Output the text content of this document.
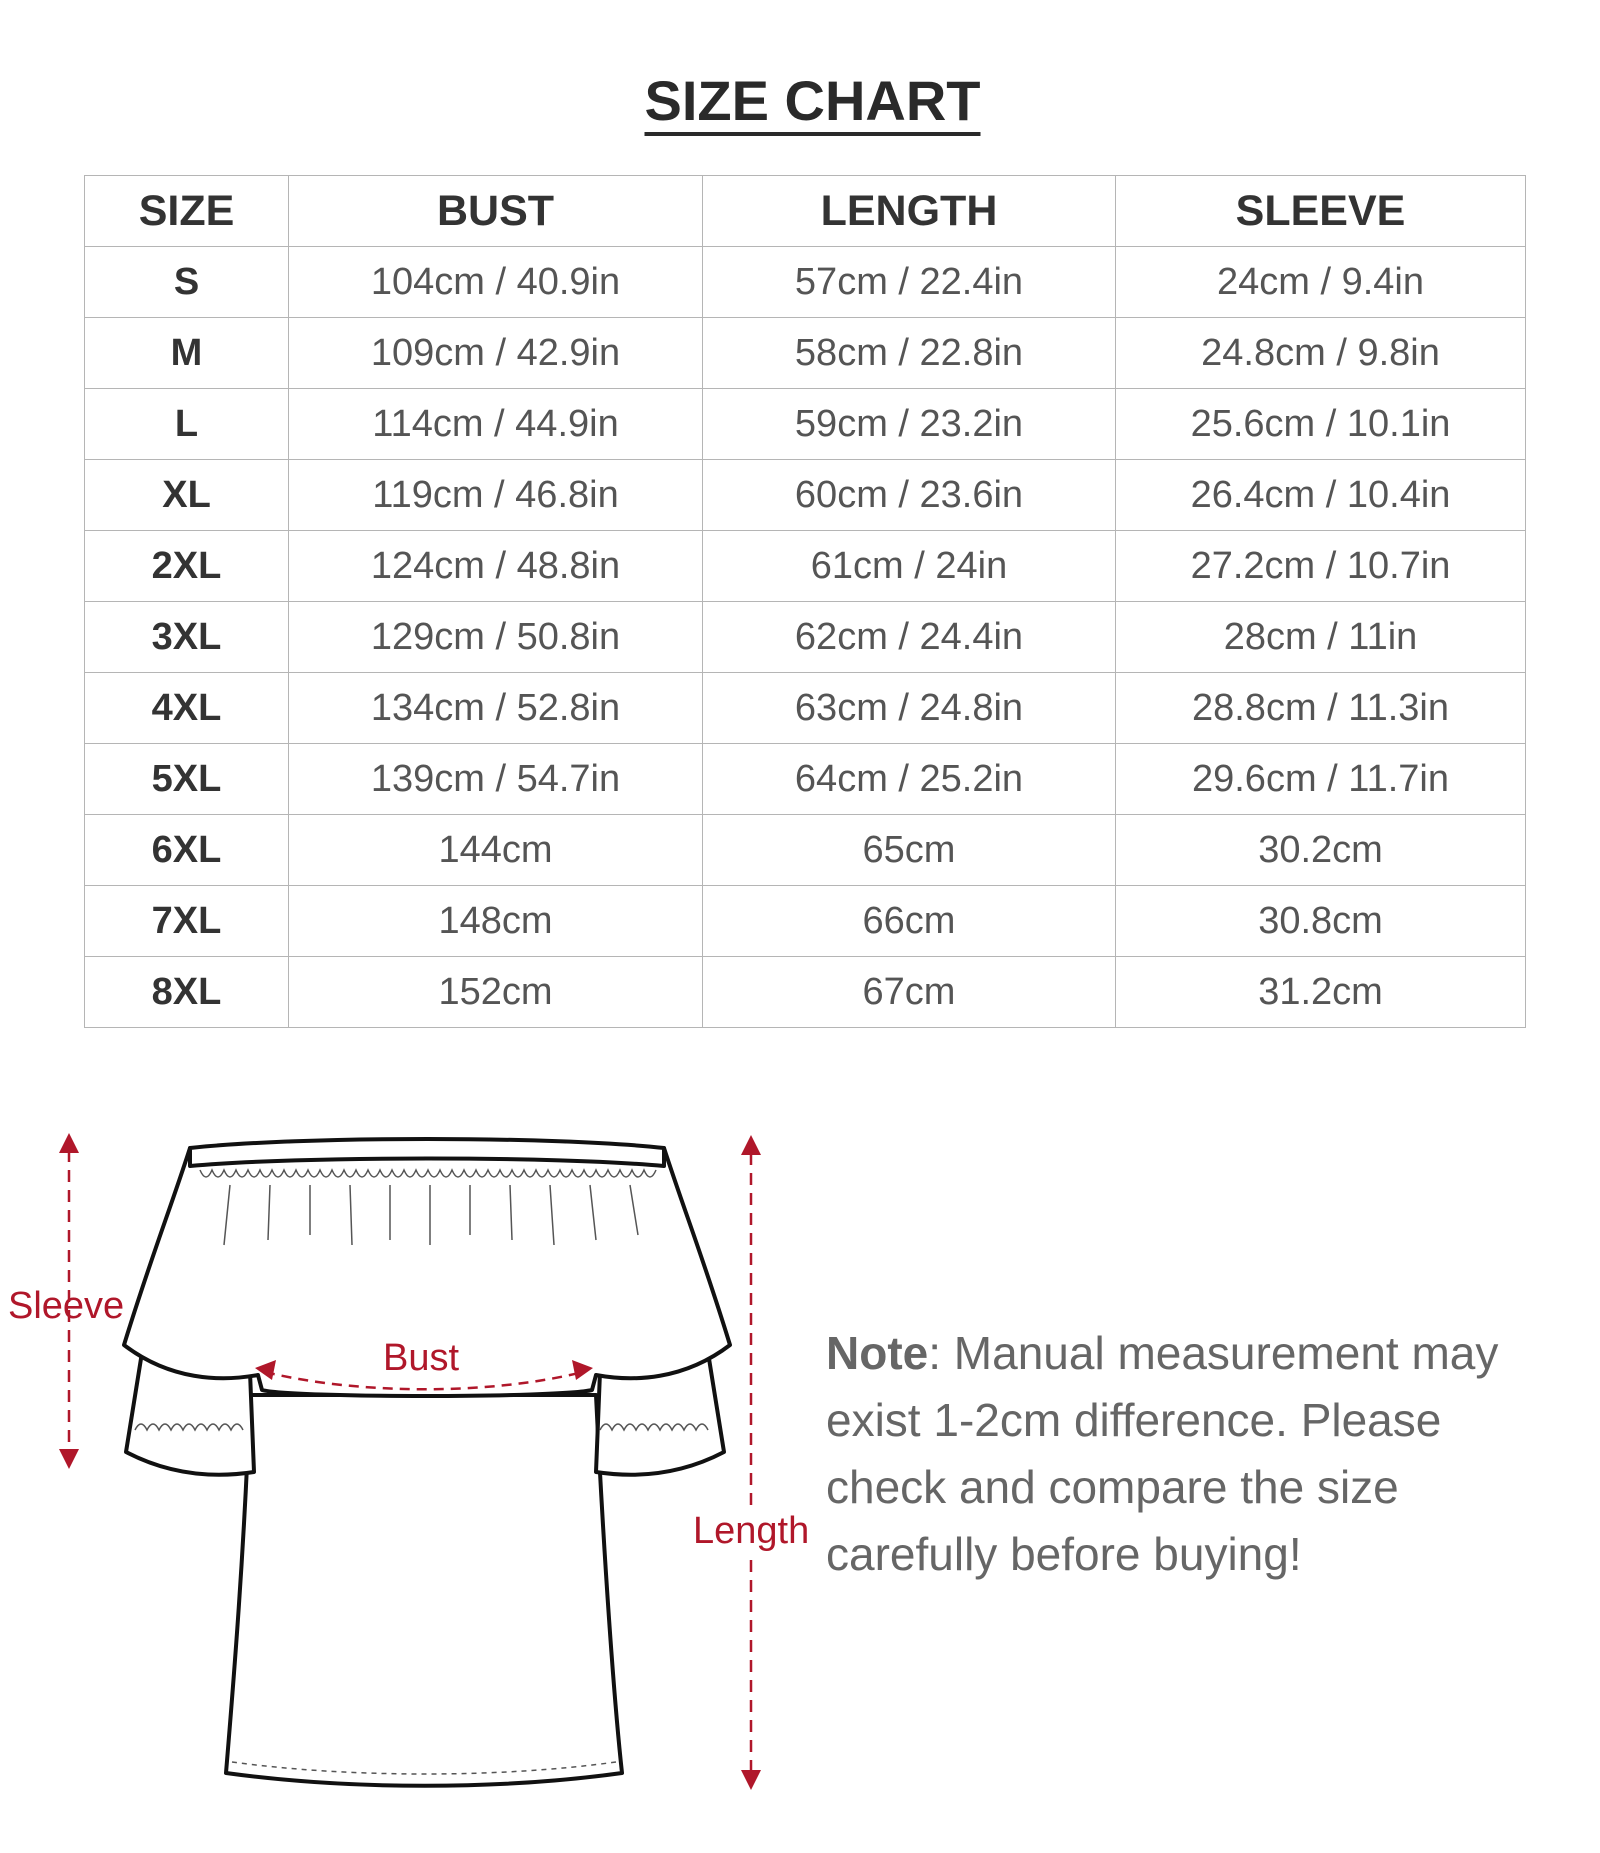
SIZE CHART
SIZE	BUST	LENGTH	SLEEVE
S	104cm / 40.9in	57cm / 22.4in	24cm / 9.4in
M	109cm / 42.9in	58cm / 22.8in	24.8cm / 9.8in
L	114cm / 44.9in	59cm / 23.2in	25.6cm / 10.1in
XL	119cm / 46.8in	60cm / 23.6in	26.4cm / 10.4in
2XL	124cm / 48.8in	61cm / 24in	27.2cm / 10.7in
3XL	129cm / 50.8in	62cm / 24.4in	28cm / 11in
4XL	134cm / 52.8in	63cm / 24.8in	28.8cm / 11.3in
5XL	139cm / 54.7in	64cm / 25.2in	29.6cm / 11.7in
6XL	144cm	65cm	30.2cm
7XL	148cm	66cm	30.8cm
8XL	152cm	67cm	31.2cm
Sleeve
Bust
Length

Note: Manual measurement may exist 1-2cm difference. Please check and compare the size carefully before buying!
